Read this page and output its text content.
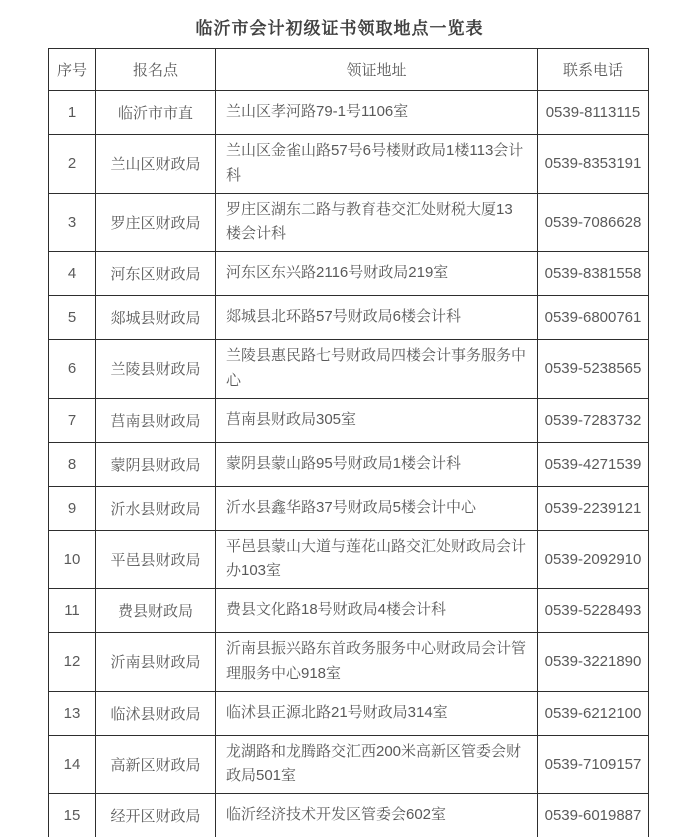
临沂市会计初级证书领取地点一览表
序号	报名点	领证地址	联系电话
1	临沂市市直	兰山区孝河路79-1号1106室	0539-8113115
2	兰山区财政局	兰山区金雀山路57号6号楼财政局1楼113会计科	0539-8353191
3	罗庄区财政局	罗庄区湖东二路与教育巷交汇处财税大厦13楼会计科	0539-7086628
4	河东区财政局	河东区东兴路2116号财政局219室	0539-8381558
5	郯城县财政局	郯城县北环路57号财政局6楼会计科	0539-6800761
6	兰陵县财政局	兰陵县惠民路七号财政局四楼会计事务服务中心	0539-5238565
7	莒南县财政局	莒南县财政局305室	0539-7283732
8	蒙阴县财政局	蒙阴县蒙山路95号财政局1楼会计科	0539-4271539
9	沂水县财政局	沂水县鑫华路37号财政局5楼会计中心	0539-2239121
10	平邑县财政局	平邑县蒙山大道与莲花山路交汇处财政局会计办103室	0539-2092910
11	费县财政局	费县文化路18号财政局4楼会计科	0539-5228493
12	沂南县财政局	沂南县振兴路东首政务服务中心财政局会计管理服务中心918室	0539-3221890
13	临沭县财政局	临沭县正源北路21号财政局314室	0539-6212100
14	高新区财政局	龙湖路和龙腾路交汇西200米高新区管委会财政局501室	0539-7109157
15	经开区财政局	临沂经济技术开发区管委会602室	0539-6019887
